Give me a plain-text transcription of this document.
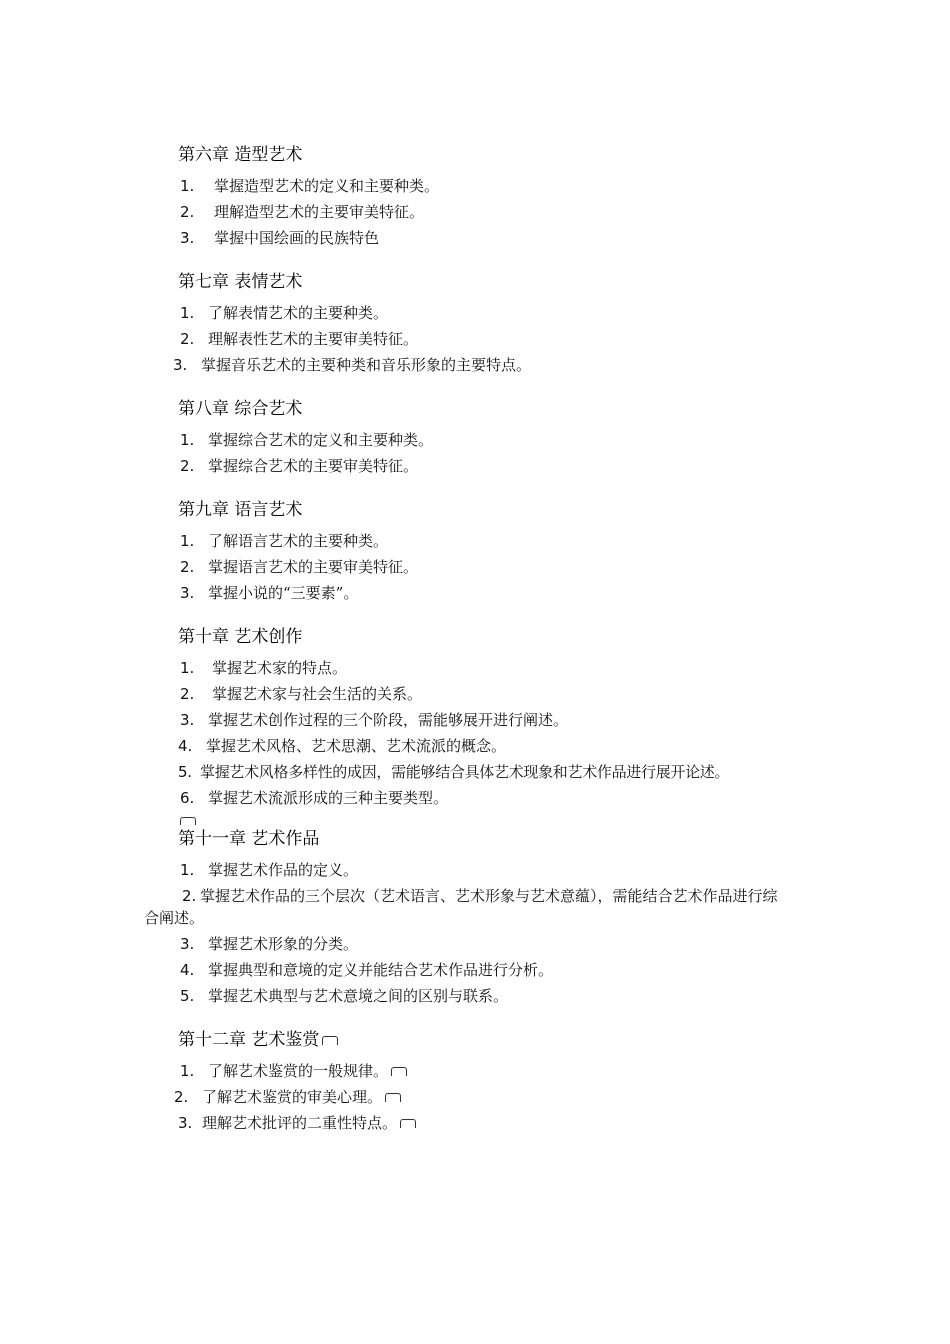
第六章 造型艺术
1. 掌握造型艺术的定义和主要种类。
2. 理解造型艺术的主要审美特征。
3. 掌握中国绘画的民族特色
第七章 表情艺术
1. 了解表情艺术的主要种类。
2. 理解表性艺术的主要审美特征。
3. 掌握音乐艺术的主要种类和音乐形象的主要特点。
第八章 综合艺术
1. 掌握综合艺术的定义和主要种类。
2. 掌握综合艺术的主要审美特征。
第九章 语言艺术
1. 了解语言艺术的主要种类。
2. 掌握语言艺术的主要审美特征。
3. 掌握小说的“三要素”。
第十章 艺术创作
1. 掌握艺术家的特点。
2. 掌握艺术家与社会生活的关系。
3. 掌握艺术创作过程的三个阶段，需能够展开进行阐述。
4. 掌握艺术风格、艺术思潮、艺术流派的概念。
5. 掌握艺术风格多样性的成因，需能够结合具体艺术现象和艺术作品进行展开论述。
6. 掌握艺术流派形成的三种主要类型。
第十一章 艺术作品
1. 掌握艺术作品的定义。
2. 掌握艺术作品的三个层次（艺术语言、艺术形象与艺术意蕴），需能结合艺术作品进行综合阐述。
3. 掌握艺术形象的分类。
4. 掌握典型和意境的定义并能结合艺术作品进行分析。
5. 掌握艺术典型与艺术意境之间的区别与联系。
第十二章 艺术鉴赏
1. 了解艺术鉴赏的一般规律。
2. 了解艺术鉴赏的审美心理。
3. 理解艺术批评的二重性特点。
